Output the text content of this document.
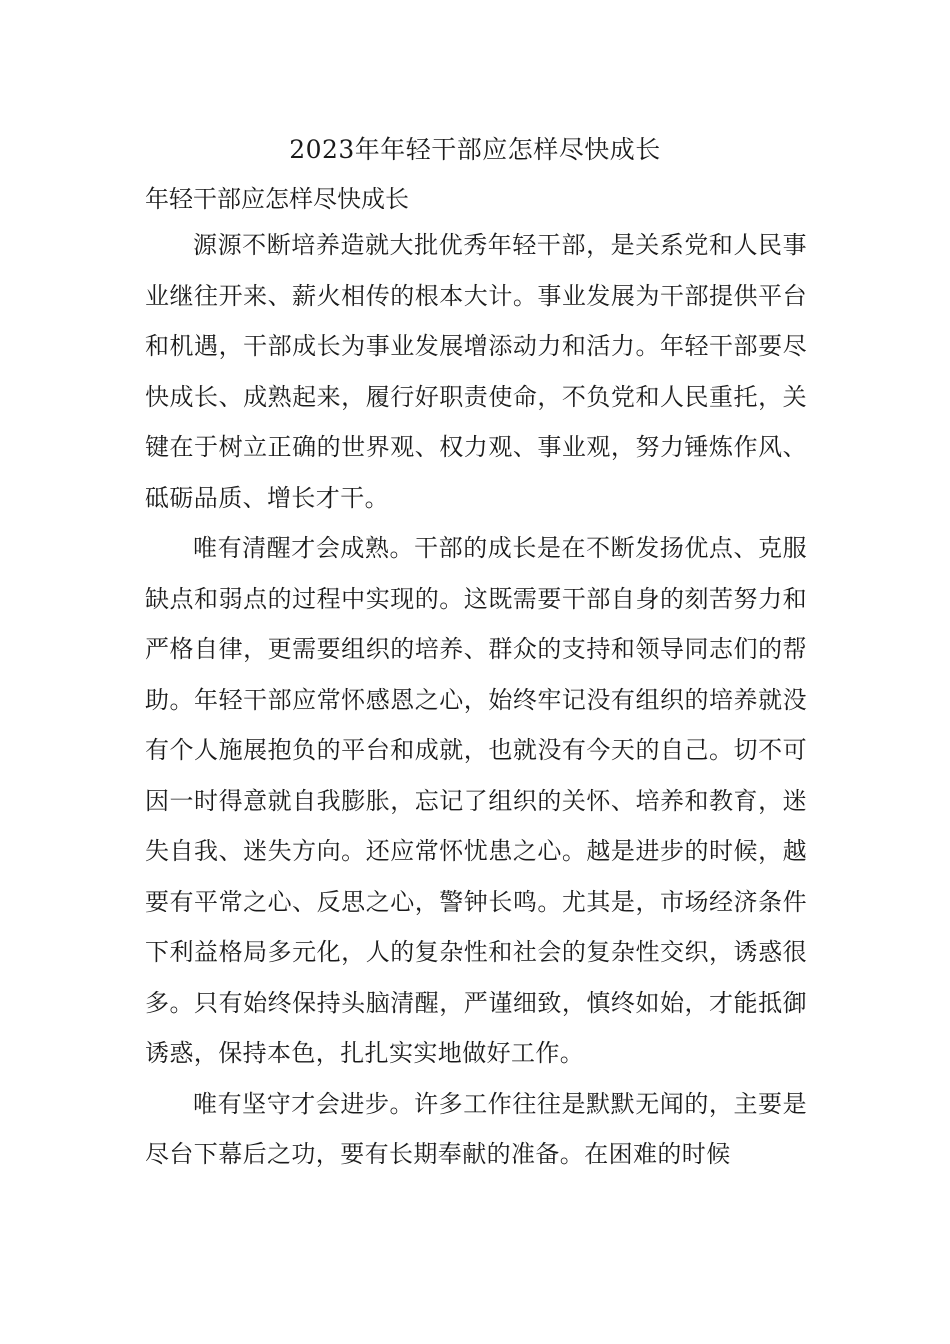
2023年年轻干部应怎样尽快成长

年轻干部应怎样尽快成长

源源不断培养造就大批优秀年轻干部，是关系党和人民事业继往开来、薪火相传的根本大计。事业发展为干部提供平台和机遇，干部成长为事业发展增添动力和活力。年轻干部要尽快成长、成熟起来，履行好职责使命，不负党和人民重托，关键在于树立正确的世界观、权力观、事业观，努力锤炼作风、砥砺品质、增长才干。

唯有清醒才会成熟。干部的成长是在不断发扬优点、克服缺点和弱点的过程中实现的。这既需要干部自身的刻苦努力和严格自律，更需要组织的培养、群众的支持和领导同志们的帮助。年轻干部应常怀感恩之心，始终牢记没有组织的培养就没有个人施展抱负的平台和成就，也就没有今天的自己。切不可因一时得意就自我膨胀，忘记了组织的关怀、培养和教育，迷失自我、迷失方向。还应常怀忧患之心。越是进步的时候，越要有平常之心、反思之心，警钟长鸣。尤其是，市场经济条件下利益格局多元化，人的复杂性和社会的复杂性交织，诱惑很多。只有始终保持头脑清醒，严谨细致，慎终如始，才能抵御诱惑，保持本色，扎扎实实地做好工作。

唯有坚守才会进步。许多工作往往是默默无闻的，主要是尽台下幕后之功，要有长期奉献的准备。在困难的时候
